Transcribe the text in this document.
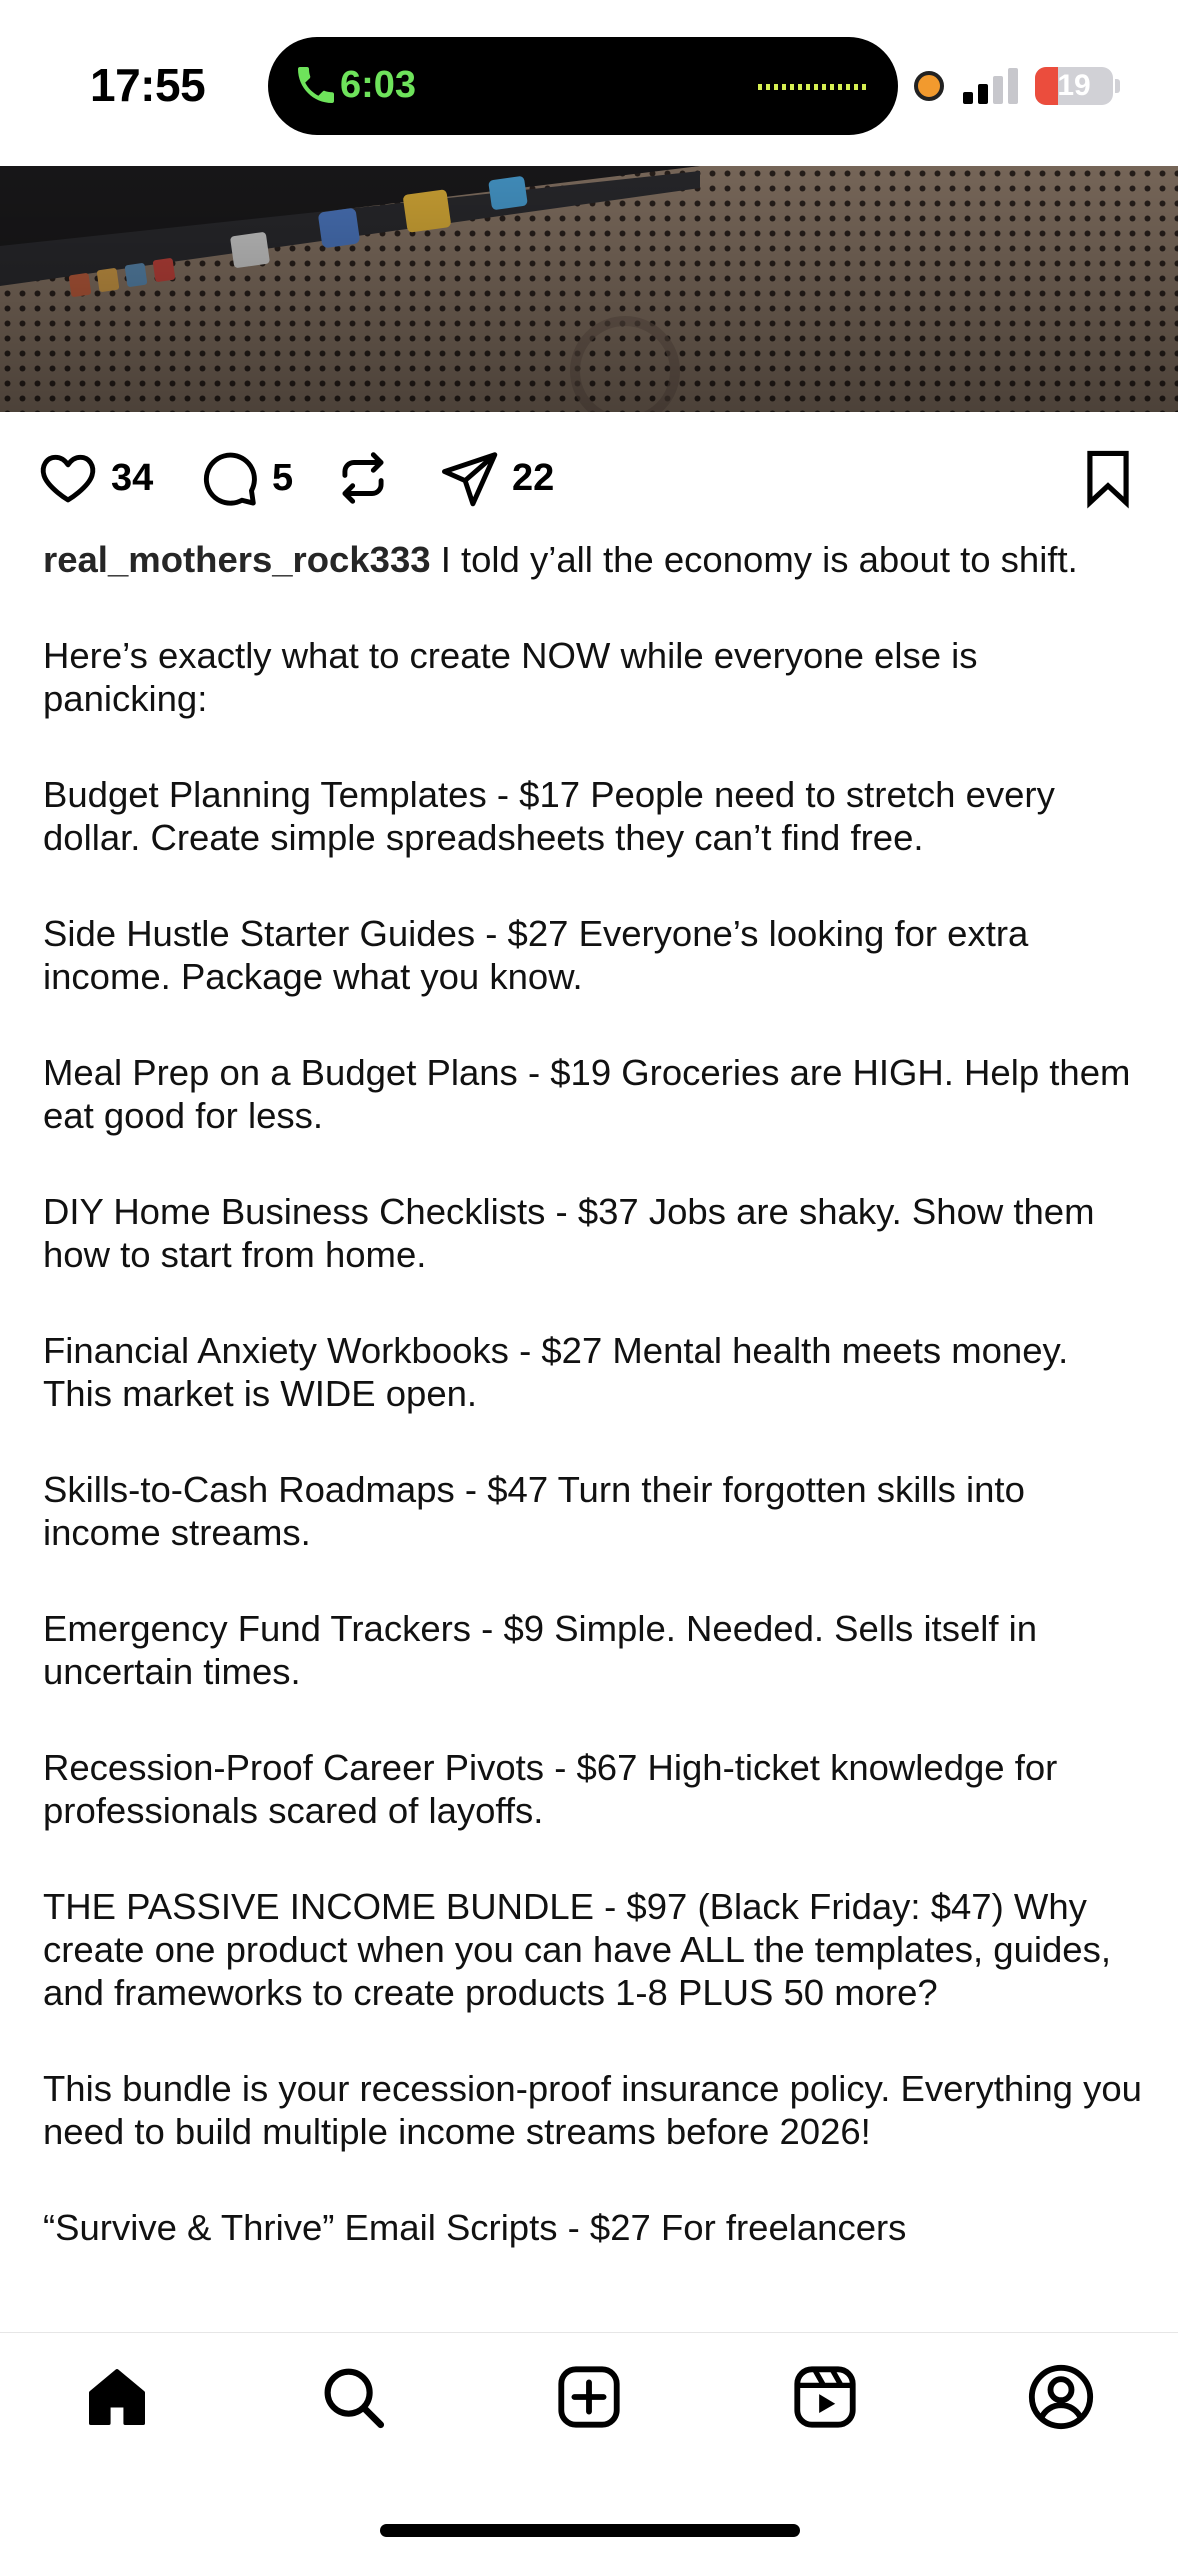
17:55	6:03	19
34	5	22

real_mothers_rock333 I told y’all the economy is about to shift.

Here’s exactly what to create NOW while everyone else is panicking:

Budget Planning Templates - $17 People need to stretch every dollar. Create simple spreadsheets they can’t find free.

Side Hustle Starter Guides - $27 Everyone’s looking for extra income. Package what you know.

Meal Prep on a Budget Plans - $19 Groceries are HIGH. Help them eat good for less.

DIY Home Business Checklists - $37 Jobs are shaky. Show them how to start from home.

Financial Anxiety Workbooks - $27 Mental health meets money. This market is WIDE open.

Skills-to-Cash Roadmaps - $47 Turn their forgotten skills into income streams.

Emergency Fund Trackers - $9 Simple. Needed. Sells itself in uncertain times.

Recession-Proof Career Pivots - $67 High-ticket knowledge for professionals scared of layoffs.

THE PASSIVE INCOME BUNDLE - $97 (Black Friday: $47) Why create one product when you can have ALL the templates, guides, and frameworks to create products 1-8 PLUS 50 more?

This bundle is your recession-proof insurance policy. Everything you need to build multiple income streams before 2026!

“Survive & Thrive” Email Scripts - $27 For freelancers
